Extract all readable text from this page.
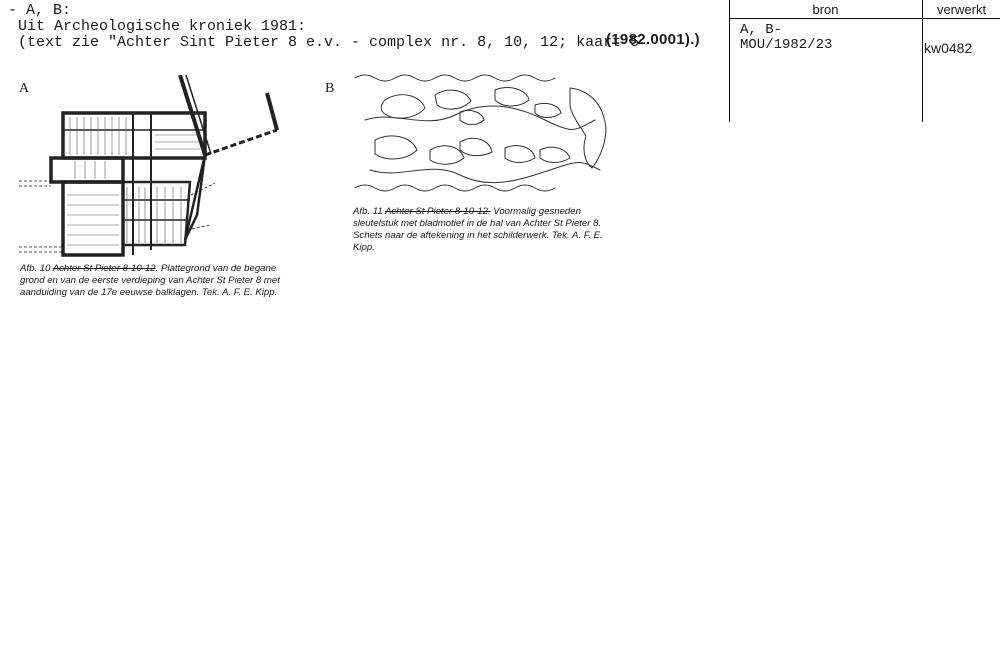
- A, B:
Uit Archeologische kroniek 1981:
(text zie "Achter Sint Pieter 8 e.v. - complex nr. 8, 10, 12; kaart 5
(1982.0001).)
bron	verwerkt
A, B-
MOU/1982/23	kw0482
A
Afb. 10 Achter St Pieter 8-10-12. Plattegrond van de begane grond en van de eerste verdieping van Achter St Pieter 8 met aanduiding van de 17e eeuwse balklagen. Tek. A. F. E. Kipp.
B
Afb. 11 Achter St Pieter 8-10-12. Voormalig gesneden sleutelstuk met bladmotief in de hal van Achter St Pieter 8. Schets naar de aftekening in het schilderwerk. Tek. A. F. E. Kipp.
